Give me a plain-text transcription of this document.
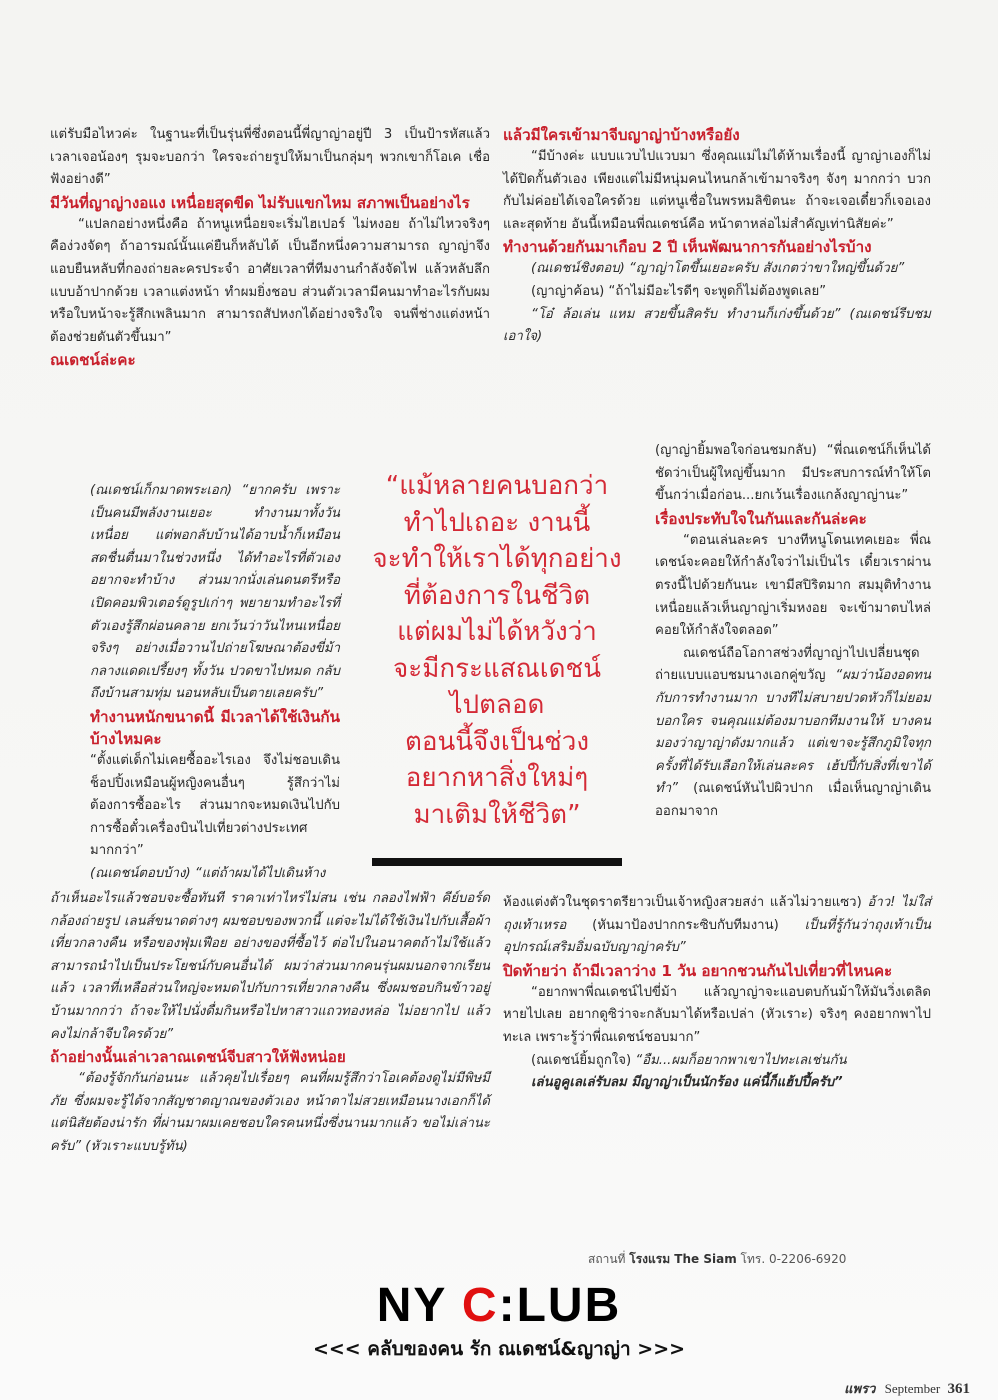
แต่รับมือไหวค่ะ ในฐานะที่เป็นรุ่นพี่ซึ่งตอนนี้พี่ญาญ่าอยู่ปี 3 เป็นป้ารหัสแล้ว เวลาเจอน้องๆ รุมจะบอกว่า ใครจะถ่ายรูปให้มาเป็นกลุ่มๆ พวกเขาก็โอเค เชื่อฟังอย่างดี”

มีวันที่ญาญ่างอแง เหนื่อยสุดขีด ไม่รับแขกไหม สภาพเป็นอย่างไร

“แปลกอย่างหนึ่งคือ ถ้าหนูเหนื่อยจะเริ่มไฮเปอร์ ไม่หงอย ถ้าไม่ไหวจริงๆ คือง่วงจัดๆ ถ้าอารมณ์นั้นแค่ยืนก็หลับได้ เป็นอีกหนึ่งความสามารถ ญาญ่าจึงแอบยืนหลับที่กองถ่ายละครประจำ อาศัยเวลาที่ทีมงานกำลังจัดไฟ แล้วหลับลึกแบบอ้าปากด้วย เวลาแต่งหน้า ทำผมยิ่งชอบ ส่วนตัวเวลามีคนมาทำอะไรกับผมหรือใบหน้าจะรู้สึกเพลินมาก สามารถสัปหงกได้อย่างจริงใจ จนพี่ช่างแต่งหน้าต้องช่วยดันตัวขึ้นมา”

ณเดชน์ล่ะคะ

(ณเดชน์เก็กมาดพระเอก) “ยากครับ เพราะเป็นคนมีพลังงานเยอะ ทำงานมาทั้งวันเหนื่อย แต่พอกลับบ้านได้อาบน้ำก็เหมือนสดชื่นตื่นมาในช่วงหนึ่ง ได้ทำอะไรที่ตัวเองอยากจะทำบ้าง ส่วนมากนั่งเล่นดนตรีหรือเปิดคอมพิวเตอร์ดูรูปเก่าๆ พยายามทำอะไรที่ตัวเองรู้สึกผ่อนคลาย ยกเว้นว่าวันไหนเหนื่อยจริงๆ อย่างเมื่อวานไปถ่ายโฆษณาต้องขี่ม้ากลางแดดเปรี้ยงๆ ทั้งวัน ปวดขาไปหมด กลับถึงบ้านสามทุ่ม นอนหลับเป็นตายเลยครับ”

ทำงานหนักขนาดนี้ มีเวลาได้ใช้เงินกันบ้างไหมคะ

“ตั้งแต่เด็กไม่เคยซื้ออะไรเอง จึงไม่ชอบเดินช็อปปิ้งเหมือนผู้หญิงคนอื่นๆ รู้สึกว่าไม่ต้องการซื้ออะไร ส่วนมากจะหมดเงินไปกับการซื้อตั๋วเครื่องบินไปเที่ยวต่างประเทศมากกว่า”

(ณเดชน์ตอบบ้าง) “แต่ถ้าผมได้ไปเดินห้าง

“แม้หลายคนบอกว่า
ทำไปเถอะ งานนี้
จะทำให้เราได้ทุกอย่าง
ที่ต้องการในชีวิต
แต่ผมไม่ได้หวังว่า
จะมีกระแสณเดชน์
ไปตลอด
ตอนนี้จึงเป็นช่วง
อยากหาสิ่งใหม่ๆ
มาเติมให้ชีวิต”

ถ้าเห็นอะไรแล้วชอบจะซื้อทันที ราคาเท่าไหร่ไม่สน เช่น กลองไฟฟ้า คีย์บอร์ด กล้องถ่ายรูป เลนส์ขนาดต่างๆ ผมชอบของพวกนี้ แต่จะไม่ได้ใช้เงินไปกับเสื้อผ้า เที่ยวกลางคืน หรือของฟุ่มเฟือย อย่างของที่ซื้อไว้ ต่อไปในอนาคตถ้าไม่ใช้แล้วสามารถนำไปเป็นประโยชน์กับคนอื่นได้ ผมว่าส่วนมากคนรุ่นผมนอกจากเรียนแล้ว เวลาที่เหลือส่วนใหญ่จะหมดไปกับการเที่ยวกลางคืน ซึ่งผมชอบกินข้าวอยู่บ้านมากกว่า ถ้าจะให้ไปนั่งดื่มกินหรือไปหาสาวแถวทองหล่อ ไม่อยากไป แล้วคงไม่กล้าจีบใครด้วย”

ถ้าอย่างนั้นเล่าเวลาณเดชน์จีบสาวให้ฟังหน่อย

“ต้องรู้จักกันก่อนนะ แล้วคุยไปเรื่อยๆ คนที่ผมรู้สึกว่าโอเคต้องดูไม่มีพิษมีภัย ซึ่งผมจะรู้ได้จากสัญชาตญาณของตัวเอง หน้าตาไม่สวยเหมือนนางเอกก็ได้ แต่นิสัยต้องน่ารัก ที่ผ่านมาผมเคยชอบใครคนหนึ่งซึ่งนานมากแล้ว ขอไม่เล่านะครับ” (หัวเราะแบบรู้ทัน)

แล้วมีใครเข้ามาจีบญาญ่าบ้างหรือยัง

“มีบ้างค่ะ แบบแวบไปแวบมา ซึ่งคุณแม่ไม่ได้ห้ามเรื่องนี้ ญาญ่าเองก็ไม่ได้ปิดกั้นตัวเอง เพียงแต่ไม่มีหนุ่มคนไหนกล้าเข้ามาจริงๆ จังๆ มากกว่า บวกกับไม่ค่อยได้เจอใครด้วย แต่หนูเชื่อในพรหมลิขิตนะ ถ้าจะเจอเดี๋ยวก็เจอเอง และสุดท้าย อันนี้เหมือนพี่ณเดชน์คือ หน้าตาหล่อไม่สำคัญเท่านิสัยค่ะ”

ทำงานด้วยกันมาเกือบ 2 ปี เห็นพัฒนาการกันอย่างไรบ้าง

(ณเดชน์ชิงตอบ) “ญาญ่าโตขึ้นเยอะครับ สังเกตว่าขาใหญ่ขึ้นด้วย”

(ญาญ่าค้อน) “ถ้าไม่มีอะไรดีๆ จะพูดก็ไม่ต้องพูดเลย”

“โอ๋ ล้อเล่น แหม สวยขึ้นสิครับ ทำงานก็เก่งขึ้นด้วย” (ณเดชน์รีบชมเอาใจ)

(ญาญ่ายิ้มพอใจก่อนชมกลับ) “พี่ณเดชน์ก็เห็นได้ชัดว่าเป็นผู้ใหญ่ขึ้นมาก มีประสบการณ์ทำให้โตขึ้นกว่าเมื่อก่อน...ยกเว้นเรื่องแกล้งญาญ่านะ”

เรื่องประทับใจในกันและกันล่ะคะ

“ตอนเล่นละคร บางทีหนูโดนเทคเยอะ พี่ณเดชน์จะคอยให้กำลังใจว่าไม่เป็นไร เดี๋ยวเราผ่านตรงนี้ไปด้วยกันนะ เขามีสปิริตมาก สมมุติทำงานเหนื่อยแล้วเห็นญาญ่าเริ่มหงอย จะเข้ามาตบไหล่คอยให้กำลังใจตลอด”

ณเดชน์ถือโอกาสช่วงที่ญาญ่าไปเปลี่ยนชุดถ่ายแบบแอบชมนางเอกคู่ขวัญ “ผมว่าน้องอดทนกับการทำงานมาก บางทีไม่สบายปวดหัวก็ไม่ยอมบอกใคร จนคุณแม่ต้องมาบอกทีมงานให้ บางคนมองว่าญาญ่าดังมากแล้ว แต่เขาจะรู้สึกภูมิใจทุกครั้งที่ได้รับเลือกให้เล่นละคร เฮ้ปปี้กับสิ่งที่เขาได้ทำ” (ณเดชน์หันไปผิวปาก เมื่อเห็นญาญ่าเดินออกมาจาก

ห้องแต่งตัวในชุดราตรียาวเป็นเจ้าหญิงสวยสง่า แล้วไม่วายแซว) อ้าว! ไม่ใส่ถุงเท้าเหรอ (หันมาป้องปากกระซิบกับทีมงาน) เป็นที่รู้กันว่าถุงเท้าเป็นอุปกรณ์เสริมอิ่มฉบับญาญ่าครับ”

ปิดท้ายว่า ถ้ามีเวลาว่าง 1 วัน อยากชวนกันไปเที่ยวที่ไหนคะ

“อยากพาพี่ณเดชน์ไปขี่ม้า แล้วญาญ่าจะแอบตบก้นม้าให้มันวิ่งเตลิดหายไปเลย อยากดูซิว่าจะกลับมาได้หรือเปล่า (หัวเราะ) จริงๆ คงอยากพาไปทะเล เพราะรู้ว่าพี่ณเดชน์ชอบมาก”

(ณเดชน์ยิ้มถูกใจ) “อืม...ผมก็อยากพาเขาไปทะเลเช่นกัน

เล่นอูคูเลเล่รับลม มีญาญ่าเป็นนักร้อง แค่นี้ก็แฮ้ปปี้ครับ”

สถานที่ โรงแรม The Siam โทร. 0-2206-6920
NY C:LUB
<<< คลับของคน รัก ณเดชน์&ญาญ่า >>>
แพรว September 361
